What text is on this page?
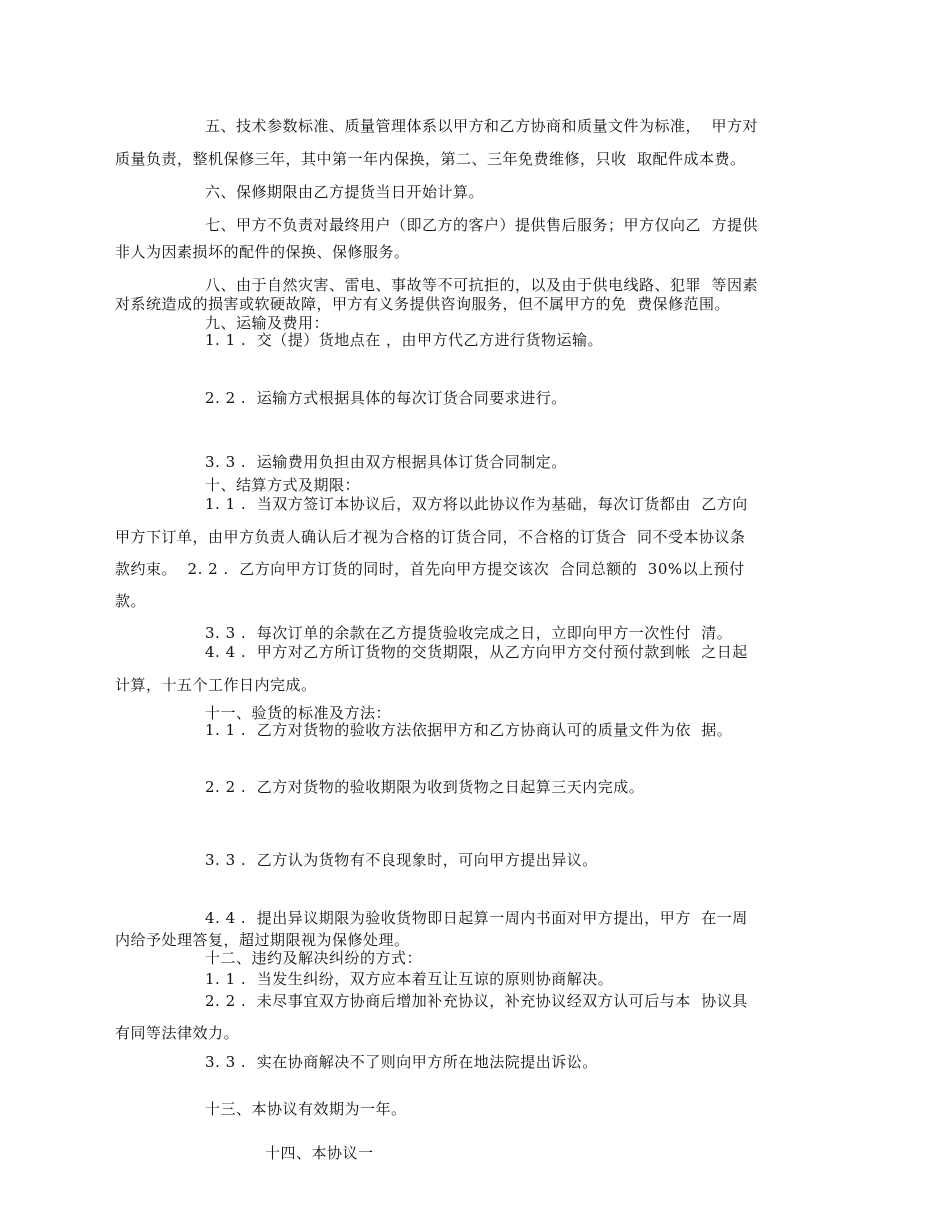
五、技术参数标准、质量管理体系以甲方和乙方协商和质量文件为标准，  甲方对
质量负责，整机保修三年，其中第一年内保换，第二、三年免费维修，只收  取配件成本费。
六、保修期限由乙方提货当日开始计算。
七、甲方不负责对最终用户（即乙方的客户）提供售后服务；甲方仅向乙  方提供
非人为因素损坏的配件的保换、保修服务。
八、由于自然灾害、雷电、事故等不可抗拒的，以及由于供电线路、犯罪  等因素
对系统造成的损害或软硬故障，甲方有义务提供咨询服务，但不属甲方的免  费保修范围。
九、运输及费用：
1. 1 .  交（提）货地点在 ，由甲方代乙方进行货物运输。
2. 2 .  运输方式根据具体的每次订货合同要求进行。
3. 3 .  运输费用负担由双方根据具体订货合同制定。
十、结算方式及期限：
1. 1 .  当双方签订本协议后，双方将以此协议作为基础，每次订货都由  乙方向
甲方下订单，由甲方负责人确认后才视为合格的订货合同，不合格的订货合  同不受本协议条
款约束。  2. 2 .  乙方向甲方订货的同时，首先向甲方提交该次  合同总额的  30%以上预付
款。
3. 3 .  每次订单的余款在乙方提货验收完成之日，立即向甲方一次性付  清。
4. 4 .  甲方对乙方所订货物的交货期限，从乙方向甲方交付预付款到帐  之日起
计算，十五个工作日内完成。
十一、验货的标准及方法：
1. 1 .  乙方对货物的验收方法依据甲方和乙方协商认可的质量文件为依  据。
2. 2 .  乙方对货物的验收期限为收到货物之日起算三天内完成。
3. 3 .  乙方认为货物有不良现象时，可向甲方提出异议。
4. 4 .  提出异议期限为验收货物即日起算一周内书面对甲方提出，甲方  在一周
内给予处理答复，超过期限视为保修处理。
十二、违约及解决纠纷的方式：
1. 1 .  当发生纠纷，双方应本着互让互谅的原则协商解决。
2. 2 .  未尽事宜双方协商后增加补充协议，补充协议经双方认可后与本  协议具
有同等法律效力。
3. 3 .  实在协商解决不了则向甲方所在地法院提出诉讼。
十三、本协议有效期为一年。
十四、本协议一
